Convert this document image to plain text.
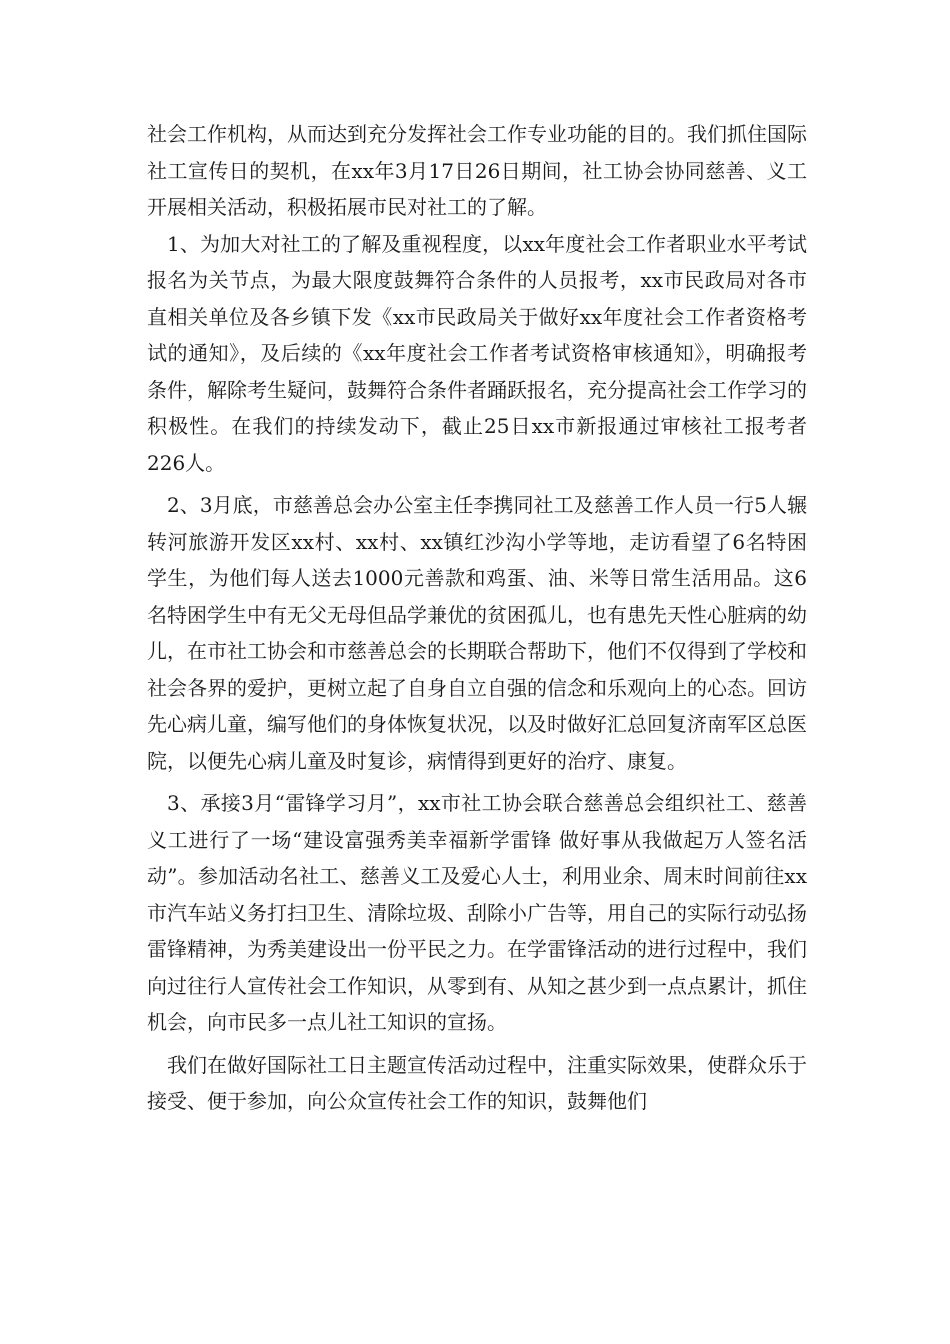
社会工作机构，从而达到充分发挥社会工作专业功能的目的。我们抓住国际社工宣传日的契机，在xx年3月17日26日期间，社工协会协同慈善、义工开展相关活动，积极拓展市民对社工的了解。

1、为加大对社工的了解及重视程度，以xx年度社会工作者职业水平考试报名为关节点，为最大限度鼓舞符合条件的人员报考，xx市民政局对各市直相关单位及各乡镇下发《xx市民政局关于做好xx年度社会工作者资格考试的通知》，及后续的《xx年度社会工作者考试资格审核通知》，明确报考条件，解除考生疑问，鼓舞符合条件者踊跃报名，充分提高社会工作学习的积极性。在我们的持续发动下，截止25日xx市新报通过审核社工报考者226人。

2、3月底，市慈善总会办公室主任李携同社工及慈善工作人员一行5人辗转河旅游开发区xx村、xx村、xx镇红沙沟小学等地，走访看望了6名特困学生，为他们每人送去1000元善款和鸡蛋、油、米等日常生活用品。这6名特困学生中有无父无母但品学兼优的贫困孤儿，也有患先天性心脏病的幼儿，在市社工协会和市慈善总会的长期联合帮助下，他们不仅得到了学校和社会各界的爱护，更树立起了自身自立自强的信念和乐观向上的心态。回访先心病儿童，编写他们的身体恢复状况，以及时做好汇总回复济南军区总医院，以便先心病儿童及时复诊，病情得到更好的治疗、康复。

3、承接3月“雷锋学习月”，xx市社工协会联合慈善总会组织社工、慈善义工进行了一场“建设富强秀美幸福新学雷锋 做好事从我做起万人签名活动”。参加活动名社工、慈善义工及爱心人士，利用业余、周末时间前往xx市汽车站义务打扫卫生、清除垃圾、刮除小广告等，用自己的实际行动弘扬雷锋精神，为秀美建设出一份平民之力。在学雷锋活动的进行过程中，我们向过往行人宣传社会工作知识，从零到有、从知之甚少到一点点累计，抓住机会，向市民多一点儿社工知识的宣扬。

我们在做好国际社工日主题宣传活动过程中，注重实际效果，使群众乐于接受、便于参加，向公众宣传社会工作的知识，鼓舞他们
